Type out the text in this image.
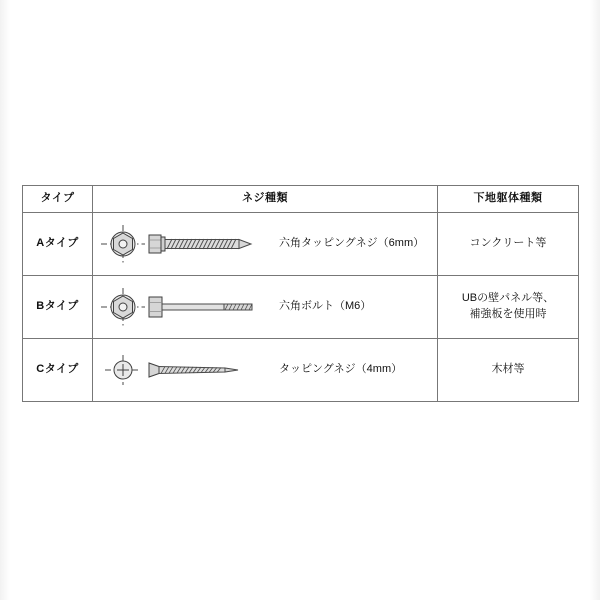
タイプ	ネジ種類	下地躯体種類
Aタイプ	六角タッピングネジ（6mm）	コンクリート等

Bタイプ	六角ボルト（M6）	UBの壁パネル等、
補強板を使用時

Cタイプ	タッピングネジ（4mm）	木材等
